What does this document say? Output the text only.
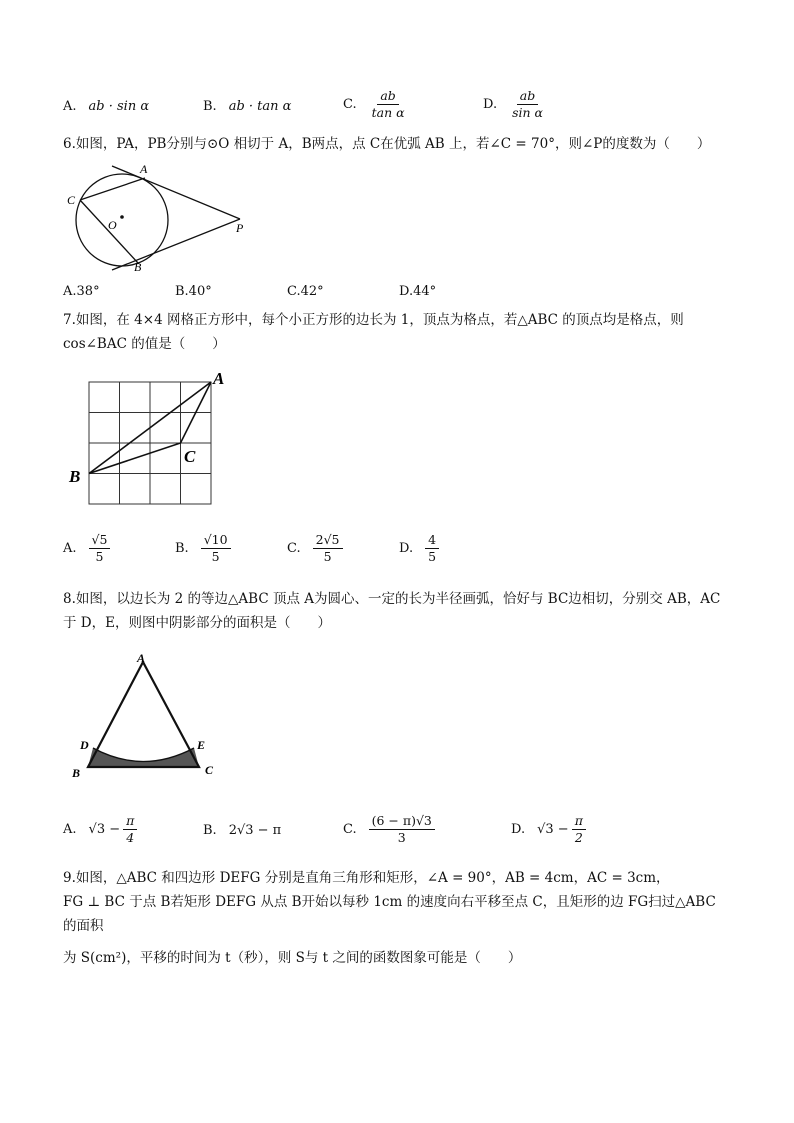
A. ab · sin α	B. ab · tan α	C. $\frac{ab}{\text{tan α}}$	D. $\frac{ab}{\text{sin α}}$
6.如图，PA，PB分别与⊙O 相切于 A，B两点，点 C在优弧 AB 上，若∠C = 70°，则∠P的度数为（　　）
A
B
C
O	P
A.38°	B.40°	C.42°	D.44°
7.如图，在 4×4 网格正方形中，每个小正方形的边长为 1，顶点为格点，若△ABC 的顶点均是格点，则
cos∠BAC 的值是（　　）
A
B
C
A. $\frac{√5}{5}$	B. $\frac{√10}{5}$	C. $\frac{2√5}{5}$	D. $\frac{4}{5}$
8.如图，以边长为 2 的等边△ABC 顶点 A为圆心、一定的长为半径画弧，恰好与 BC边相切，分别交 AB，AC
于 D，E，则图中阴影部分的面积是（　　）
A
B	C
D	E
A. $√3 - \frac{\pi}{4}$	B. 2√3 − π	C. $\frac{(6 - \pi)√3}{3}$	D. $√3 - \frac{\pi}{2}$
9.如图，△ABC 和四边形 DEFG 分别是直角三角形和矩形，∠A = 90°，AB = 4cm，AC = 3cm，
FG ⊥ BC 于点 B若矩形 DEFG 从点 B开始以每秒 1cm 的速度向右平移至点 C，且矩形的边 FG扫过△ABC
的面积
为 S(cm²)，平移的时间为 t（秒），则 S与 t 之间的函数图象可能是（　　）
